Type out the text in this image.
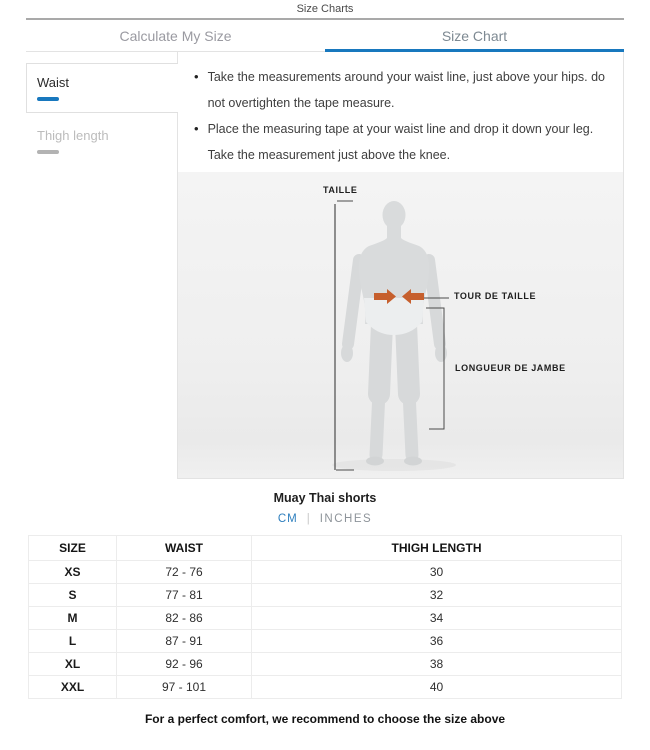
Size Charts
Calculate My Size	Size Chart
Waist
Thigh length
• Take the measurements around your waist line, just above your hips. do not overtighten the tape measure.
• Place the measuring tape at your waist line and drop it down your leg. Take the measurement just above the knee.
TAILLE
TOUR DE TAILLE
LONGUEUR DE JAMBE
Muay Thai shorts
CM | INCHES
SIZE	WAIST	THIGH LENGTH
XS	72 - 76	30
S	77 - 81	32
M	82 - 86	34
L	87 - 91	36
XL	92 - 96	38
XXL	97 - 101	40
For a perfect comfort, we recommend to choose the size above
